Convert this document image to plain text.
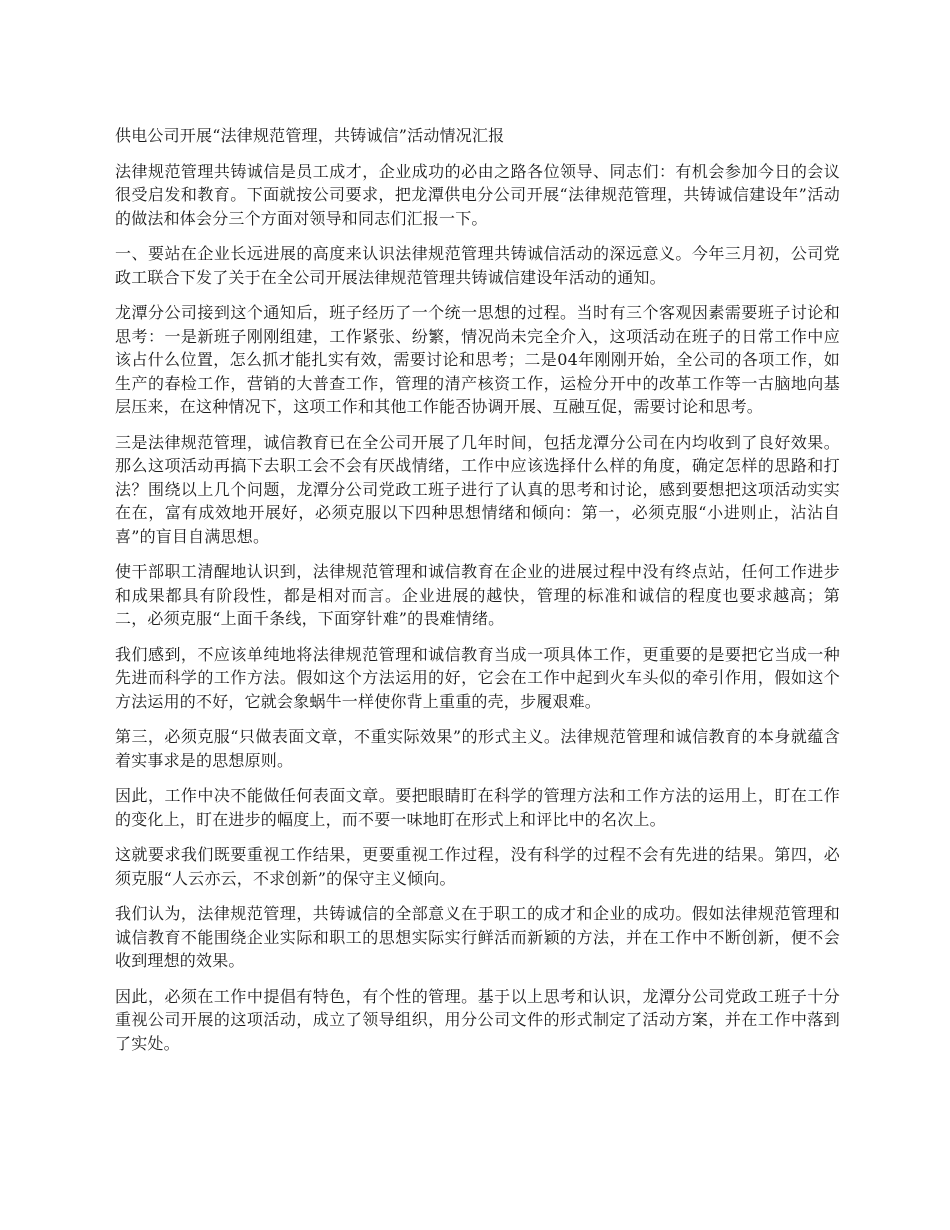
供电公司开展“法律规范管理，共铸诚信”活动情况汇报

法律规范管理共铸诚信是员工成才，企业成功的必由之路各位领导、同志们：有机会参加今日的会议很受启发和教育。下面就按公司要求，把龙潭供电分公司开展“法律规范管理，共铸诚信建设年”活动的做法和体会分三个方面对领导和同志们汇报一下。

一、要站在企业长远进展的高度来认识法律规范管理共铸诚信活动的深远意义。今年三月初，公司党政工联合下发了关于在全公司开展法律规范管理共铸诚信建设年活动的通知。

龙潭分公司接到这个通知后，班子经历了一个统一思想的过程。当时有三个客观因素需要班子讨论和思考：一是新班子刚刚组建，工作紧张、纷繁，情况尚未完全介入，这项活动在班子的日常工作中应该占什么位置，怎么抓才能扎实有效，需要讨论和思考；二是04年刚刚开始，全公司的各项工作，如生产的春检工作，营销的大普查工作，管理的清产核资工作，运检分开中的改革工作等一古脑地向基层压来，在这种情况下，这项工作和其他工作能否协调开展、互融互促，需要讨论和思考。

三是法律规范管理，诚信教育已在全公司开展了几年时间，包括龙潭分公司在内均收到了良好效果。那么这项活动再搞下去职工会不会有厌战情绪，工作中应该选择什么样的角度，确定怎样的思路和打法？围绕以上几个问题，龙潭分公司党政工班子进行了认真的思考和讨论，感到要想把这项活动实实在在，富有成效地开展好，必须克服以下四种思想情绪和倾向：第一，必须克服“小进则止，沾沾自喜”的盲目自满思想。

使干部职工清醒地认识到，法律规范管理和诚信教育在企业的进展过程中没有终点站，任何工作进步和成果都具有阶段性，都是相对而言。企业进展的越快，管理的标准和诚信的程度也要求越高；第二，必须克服“上面千条线，下面穿针难”的畏难情绪。

我们感到，不应该单纯地将法律规范管理和诚信教育当成一项具体工作，更重要的是要把它当成一种先进而科学的工作方法。假如这个方法运用的好，它会在工作中起到火车头似的牵引作用，假如这个方法运用的不好，它就会象蜗牛一样使你背上重重的壳，步履艰难。

第三，必须克服“只做表面文章，不重实际效果”的形式主义。法律规范管理和诚信教育的本身就蕴含着实事求是的思想原则。

因此，工作中决不能做任何表面文章。要把眼睛盯在科学的管理方法和工作方法的运用上，盯在工作的变化上，盯在进步的幅度上，而不要一味地盯在形式上和评比中的名次上。

这就要求我们既要重视工作结果，更要重视工作过程，没有科学的过程不会有先进的结果。第四，必须克服“人云亦云，不求创新”的保守主义倾向。

我们认为，法律规范管理，共铸诚信的全部意义在于职工的成才和企业的成功。假如法律规范管理和诚信教育不能围绕企业实际和职工的思想实际实行鲜活而新颖的方法，并在工作中不断创新，便不会收到理想的效果。

因此，必须在工作中提倡有特色，有个性的管理。基于以上思考和认识，龙潭分公司党政工班子十分重视公司开展的这项活动，成立了领导组织，用分公司文件的形式制定了活动方案，并在工作中落到了实处。
